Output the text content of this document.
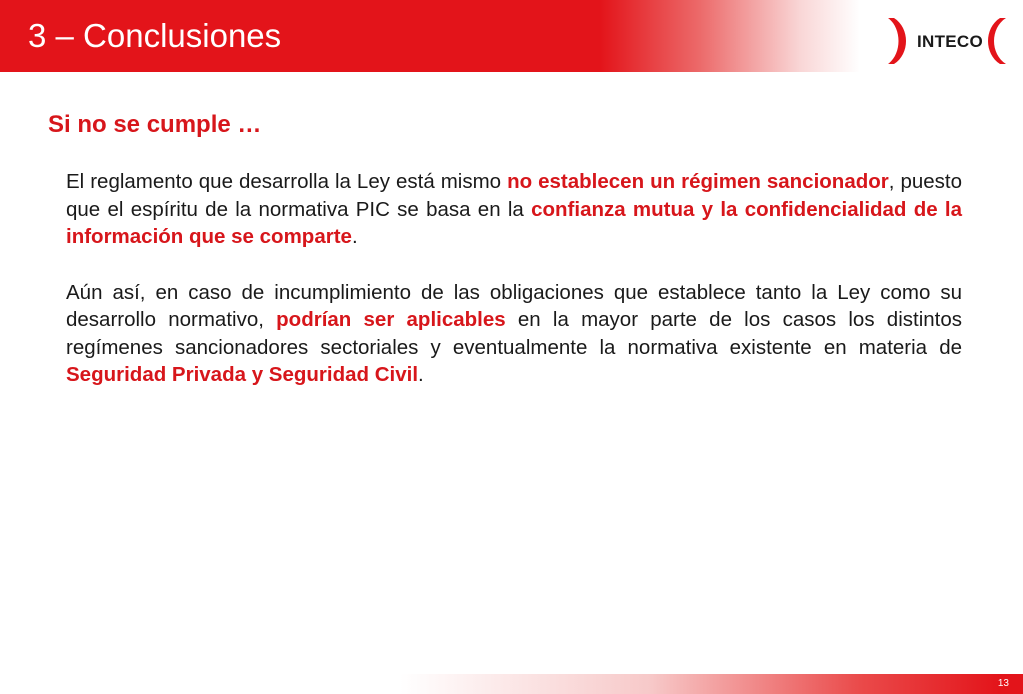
3 – Conclusiones	INTECO
Si no se cumple …

El reglamento que desarrolla la Ley está mismo no establecen un régimen sancionador, puesto que el espíritu de la normativa PIC se basa en la confianza mutua y la confidencialidad de la información que se comparte.

Aún así, en caso de incumplimiento de las obligaciones que establece tanto la Ley como su desarrollo normativo, podrían ser aplicables en la mayor parte de los casos los distintos regímenes sancionadores sectoriales y eventualmente la normativa existente en materia de Seguridad Privada y Seguridad Civil.

13
